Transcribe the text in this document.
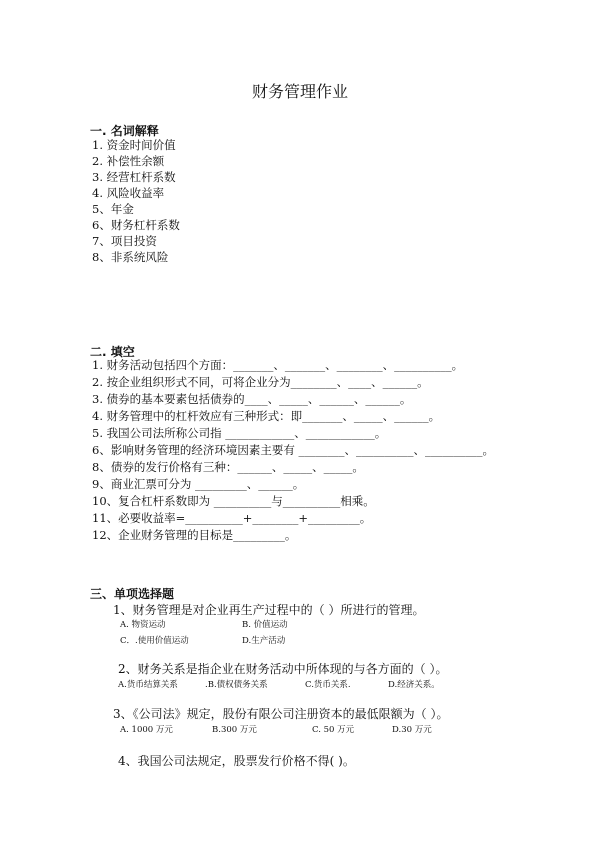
财务管理作业
一. 名词解释
1. 资金时间价值
2. 补偿性余额
3. 经营杠杆系数
4. 风险收益率
5、年金
6、财务杠杆系数
7、项目投资
8、非系统风险
二. 填空
1. 财务活动包括四个方面：_______、_______、________、__________。
2. 按企业组织形式不同，可将企业分为________、____、______。
3. 债券的基本要素包括债券的____、_____、______、______。
4. 财务管理中的杠杆效应有三种形式：即_______、_____、______。
5. 我国公司法所称公司指 ____________、____________。
6、影响财务管理的经济环境因素主要有 ________、__________、__________。
8、债券的发行价格有三种：______、_____、_____。
9、商业汇票可分为 _________、______。
10、复合杠杆系数即为 __________与__________相乘。
11、必要收益率=__________+________+_________。
12、企业财务管理的目标是_________。
三、单项选择题
1、财务管理是对企业再生产过程中的（ ）所进行的管理。
A. 物资运动	B. 价值运动
C．.使用价值运动	D.生产活动
2、财务关系是指企业在财务活动中所体现的与各方面的（ ）。
A.货币结算关系	.B.债权债务关系	C.货币关系.	D.经济关系。
3、《公司法》规定，股份有限公司注册资本的最低限额为（ ）。
A. 1000 万元	B.300 万元	C. 50 万元	D.30 万元
4、我国公司法规定，股票发行价格不得( )。
